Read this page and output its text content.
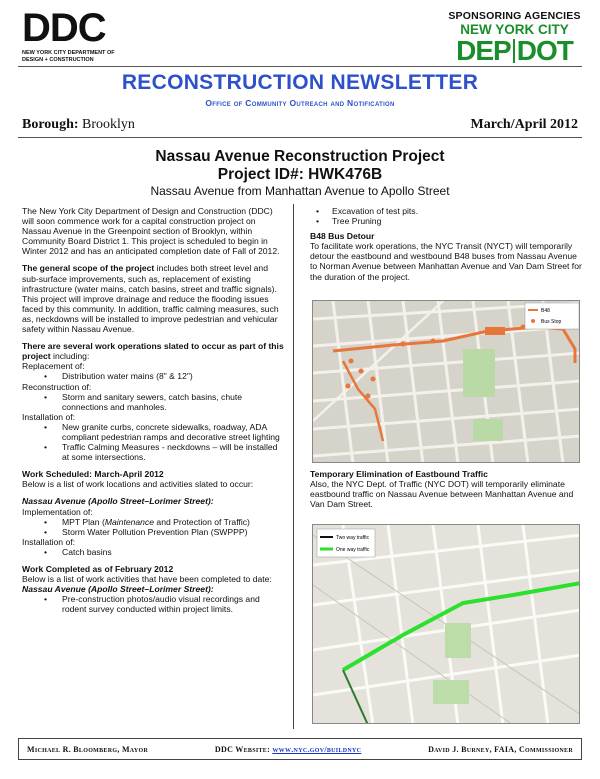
DDC
NEW YORK CITY DEPARTMENT OF
DESIGN + CONSTRUCTION
SPONSORING AGENCIES
NEW YORK CITY
DEP DOT
RECONSTRUCTION NEWSLETTER
Office of Community Outreach and Notification
Borough: Brooklyn	March/April 2012
Nassau Avenue Reconstruction Project
Project ID#: HWK476B
Nassau Avenue from Manhattan Avenue to Apollo Street

The New York City Department of Design and Construction (DDC) will soon commence work for a capital construction project on Nassau Avenue in the Greenpoint section of Brooklyn, within Community Board District 1. This project is scheduled to begin in Winter 2012 and has an anticipated completion date of Fall of 2012.

The general scope of the project includes both street level and sub-surface improvements, such as, replacement of existing infrastructure (water mains, catch basins, street and traffic signals). This project will improve drainage and reduce the flooding issues faced by this community. In addition, traffic calming measures, such as, neckdowns will be installed to improve pedestrian and vehicular safety within Nassau Avenue.

There are several work operations slated to occur as part of this project including:
Replacement of:
• Distribution water mains (8" & 12")
Reconstruction of:
• Storm and sanitary sewers, catch basins, chute connections and manholes.
Installation of:
• New granite curbs, concrete sidewalks, roadway, ADA compliant pedestrian ramps and decorative street lighting
• Traffic Calming Measures - neckdowns – will be installed at some intersections.
Work Scheduled: March-April 2012
Below is a list of work locations and activities slated to occur:
Nassau Avenue (Apollo Street–Lorimer Street):
Implementation of:
• MPT Plan (Maintenance and Protection of Traffic)
• Storm Water Pollution Prevention Plan (SWPPP)
Installation of:
• Catch basins
Work Completed as of February 2012
Below is a list of work activities that have been completed to date:
Nassau Avenue (Apollo Street–Lorimer Street):
• Pre-construction photos/audio visual recordings and rodent survey conducted within project limits.
• Excavation of test pits.
• Tree Pruning
B48 Bus Detour
To facilitate work operations, the NYC Transit (NYCT) will temporarily detour the eastbound and westbound B48 buses from Nassau Avenue to Norman Avenue between Manhattan Avenue and Van Dam Street for the duration of the project.
B48
Bus Stop
Temporary Elimination of Eastbound Traffic
Also, the NYC Dept. of Traffic (NYC DOT) will temporarily eliminate eastbound traffic on Nassau Avenue between Manhattan Avenue and Van Dam Street.
Two way traffic
One way traffic
Michael R. Bloomberg, Mayor	DDC Website: www.nyc.gov/buildnyc	David J. Burney, FAIA, Commissioner
